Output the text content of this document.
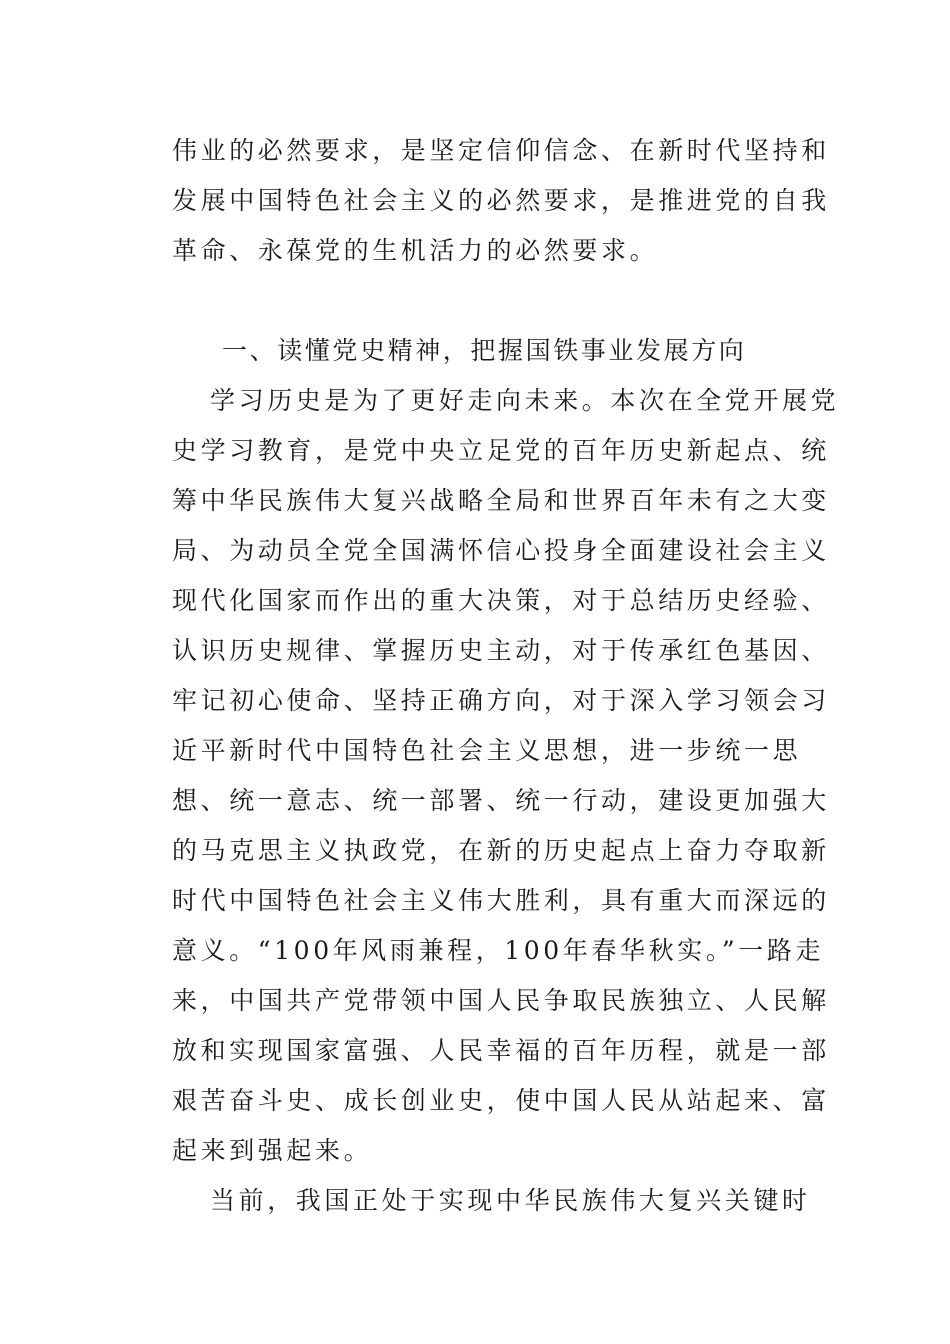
伟业的必然要求，是坚定信仰信念、在新时代坚持和
发展中国特色社会主义的必然要求，是推进党的自我
革命、永葆党的生机活力的必然要求。
一、读懂党史精神，把握国铁事业发展方向
学习历史是为了更好走向未来。本次在全党开展党
史学习教育，是党中央立足党的百年历史新起点、统
筹中华民族伟大复兴战略全局和世界百年未有之大变
局、为动员全党全国满怀信心投身全面建设社会主义
现代化国家而作出的重大决策，对于总结历史经验、
认识历史规律、掌握历史主动，对于传承红色基因、
牢记初心使命、坚持正确方向，对于深入学习领会习
近平新时代中国特色社会主义思想，进一步统一思
想、统一意志、统一部署、统一行动，建设更加强大
的马克思主义执政党，在新的历史起点上奋力夺取新
时代中国特色社会主义伟大胜利，具有重大而深远的
意义。“100年风雨兼程，100年春华秋实。”一路走
来，中国共产党带领中国人民争取民族独立、人民解
放和实现国家富强、人民幸福的百年历程，就是一部
艰苦奋斗史、成长创业史，使中国人民从站起来、富
起来到强起来。
当前，我国正处于实现中华民族伟大复兴关键时
